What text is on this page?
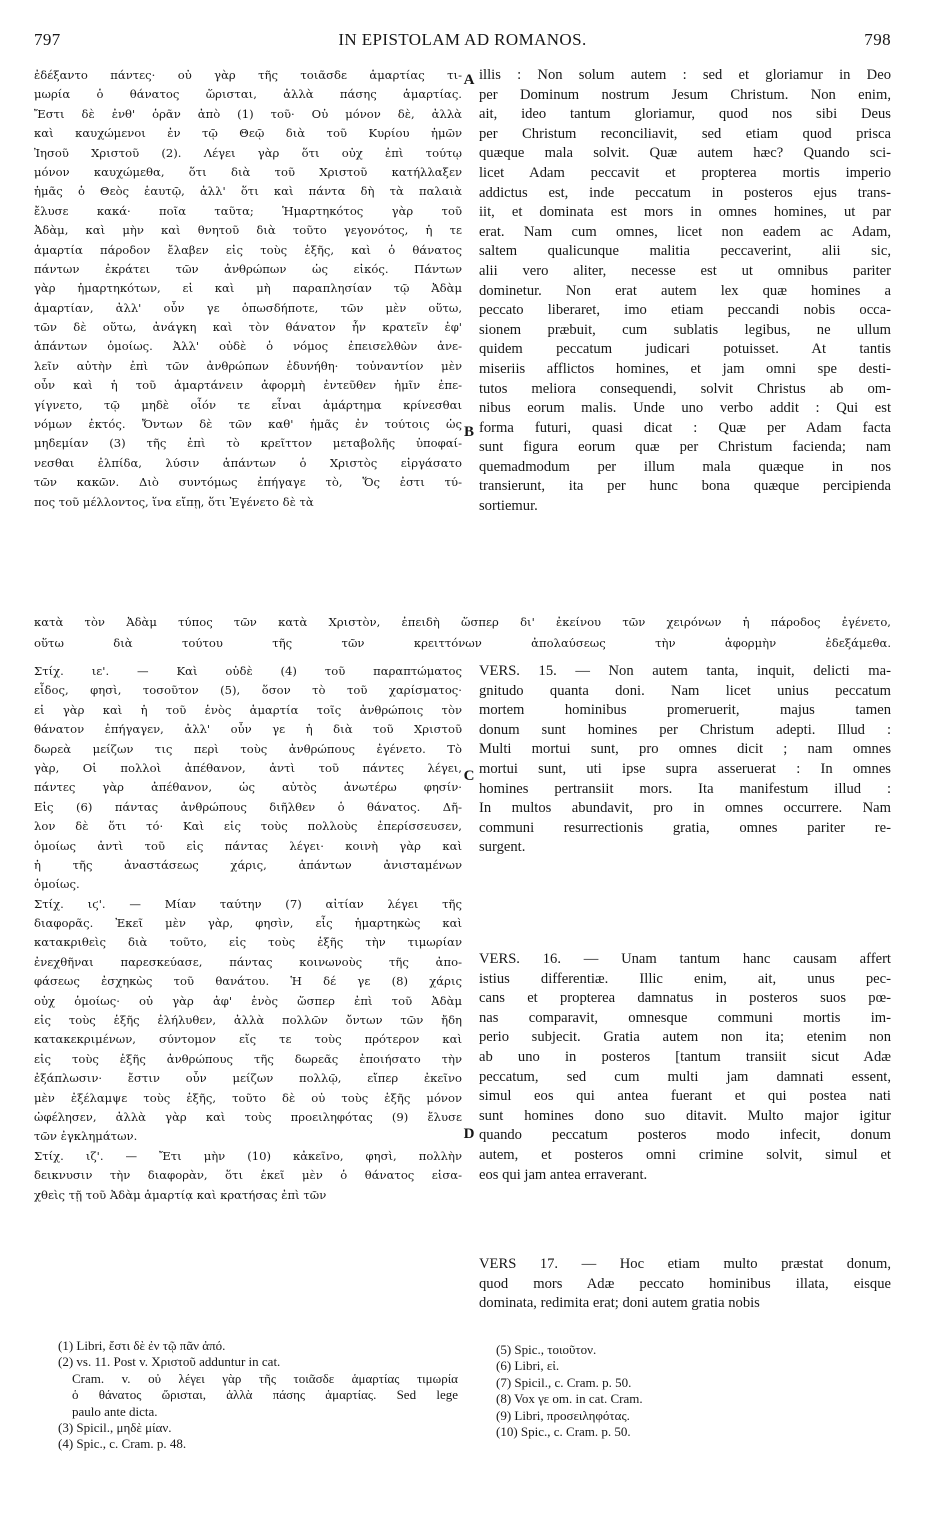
797	IN EPISTOLAM AD ROMANOS.	798
ἐδέξαντο πάντες· οὐ γὰρ τῆς τοιᾶσδε ἁμαρτίας τι-
μωρία ὁ θάνατος ὥρισται, ἀλλὰ πάσης ἁμαρτίας.
Ἔστι δὲ ἐνθ' ὁρᾶν ἀπὸ (1) τοῦ· Οὐ μόνον δὲ, ἀλλὰ
καὶ καυχώμενοι ἐν τῷ Θεῷ διὰ τοῦ Κυρίου ἡμῶν
Ἰησοῦ Χριστοῦ (2). Λέγει γὰρ ὅτι οὐχ ἐπὶ τούτῳ
μόνον καυχώμεθα, ὅτι διὰ τοῦ Χριστοῦ κατήλλαξεν
ἡμᾶς ὁ Θεὸς ἑαυτῷ, ἀλλ' ὅτι καὶ πάντα δὴ τὰ παλαιὰ
ἔλυσε κακά· ποῖα ταῦτα; Ἡμαρτηκότος γὰρ τοῦ
Ἀδὰμ, καὶ μὴν καὶ θνητοῦ διὰ τοῦτο γεγονότος, ἡ τε
ἁμαρτία πάροδον ἔλαβεν εἰς τοὺς ἑξῆς, καὶ ὁ θάνατος
πάντων ἐκράτει τῶν ἀνθρώπων ὡς εἰκός. Πάντων
γὰρ ἡμαρτηκότων, εἰ καὶ μὴ παραπλησίαν τῷ Ἀδὰμ
ἁμαρτίαν, ἀλλ' οὖν γε ὁπωσδήποτε, τῶν μὲν οὕτω,
τῶν δὲ οὕτω, ἀνάγκη καὶ τὸν θάνατον ἦν κρατεῖν ἐφ'
ἁπάντων ὁμοίως. Ἀλλ' οὐδὲ ὁ νόμος ἐπεισελθὼν ἀνε-
λεῖν αὐτὴν ἐπὶ τῶν ἀνθρώπων ἐδυνήθη· τοὐναντίον μὲν
οὖν καὶ ἡ τοῦ ἁμαρτάνειν ἀφορμὴ ἐντεῦθεν ἡμῖν ἐπε-
γίγνετο, τῷ μηδὲ οἷόν τε εἶναι ἁμάρτημα κρίνεσθαι
νόμων ἐκτός. Ὄντων δὲ τῶν καθ' ἡμᾶς ἐν τούτοις ὡς
μηδεμίαν (3) τῆς ἐπὶ τὸ κρεῖττον μεταβολῆς ὑποφαί-
νεσθαι ἐλπίδα, λύσιν ἁπάντων ὁ Χριστὸς εἰργάσατο
τῶν κακῶν. Διὸ συντόμως ἐπήγαγε τὸ, Ὅς ἐστι τύ-
πος τοῦ μέλλοντος, ἵνα εἴπῃ, ὅτι Ἐγένετο δὲ τὰ
illis : Non solum autem : sed et gloriamur in Deo
per Dominum nostrum Jesum Christum. Non enim,
ait, ideo tantum gloriamur, quod nos sibi Deus
per Christum reconciliavit, sed etiam quod prisca
quæque mala solvit. Quæ autem hæc? Quando sci-
licet Adam peccavit et propterea mortis imperio
addictus est, inde peccatum in posteros ejus trans-
iit, et dominata est mors in omnes homines, ut par
erat. Nam cum omnes, licet non eadem ac Adam,
saltem qualicunque malitia peccaverint, alii sic,
alii vero aliter, necesse est ut omnibus pariter
dominetur. Non erat autem lex quæ homines a
peccato liberaret, imo etiam peccandi nobis occa-
sionem præbuit, cum sublatis legibus, ne ullum
quidem peccatum judicari potuisset. At tantis
miseriis afflictos homines, et jam omni spe desti-
tutos meliora consequendi, solvit Christus ab om-
nibus eorum malis. Unde uno verbo addit : Qui est
forma futuri, quasi dicat : Quæ per Adam facta
sunt figura eorum quæ per Christum facienda; nam
quemadmodum per illum mala quæque in nos
transierunt, ita per hunc bona quæque percipienda
sortiemur.
κατὰ τὸν Ἀδὰμ τύπος τῶν κατὰ Χριστὸν, ἐπειδὴ ὥσπερ δι' ἐκείνου τῶν χειρόνων ἡ πάροδος ἐγένετο,
οὕτω διὰ τούτου τῆς τῶν κρειττόνων ἀπολαύσεως τὴν ἀφορμὴν ἐδεξάμεθα.
Στίχ. ιε'. — Καὶ οὐδὲ (4) τοῦ παραπτώματος
εἶδος, φησὶ, τοσοῦτον (5), ὅσον τὸ τοῦ χαρίσματος·
εἰ γὰρ καὶ ἡ τοῦ ἑνὸς ἁμαρτία τοῖς ἀνθρώποις τὸν
θάνατον ἐπήγαγεν, ἀλλ' οὖν γε ἡ διὰ τοῦ Χριστοῦ
δωρεὰ μείζων τις περὶ τοὺς ἀνθρώπους ἐγένετο. Τὸ
γὰρ, Οἱ πολλοὶ ἀπέθανον, ἀντὶ τοῦ πάντες λέγει,
πάντες γὰρ ἀπέθανον, ὡς αὐτὸς ἀνωτέρω φησίν·
Εἰς (6) πάντας ἀνθρώπους διῆλθεν ὁ θάνατος. Δῆ-
λον δὲ ὅτι τό· Καὶ εἰς τοὺς πολλοὺς ἐπερίσσευσεν,
ὁμοίως ἀντὶ τοῦ εἰς πάντας λέγει· κοινὴ γὰρ καὶ
ἡ τῆς ἀναστάσεως χάρις, ἁπάντων ἀνισταμένων
ὁμοίως.
Στίχ. ιϛ'. — Μίαν ταύτην (7) αἰτίαν λέγει τῆς
διαφορᾶς. Ἐκεῖ μὲν γὰρ, φησὶν, εἷς ἡμαρτηκὼς καὶ
κατακριθεὶς διὰ τοῦτο, εἰς τοὺς ἑξῆς τὴν τιμωρίαν
ἐνεχθῆναι παρεσκεύασε, πάντας κοινωνοὺς τῆς ἀπο-
φάσεως ἐσχηκὼς τοῦ θανάτου. Ἡ δέ γε (8) χάρις
οὐχ ὁμοίως· οὐ γὰρ ἀφ' ἑνὸς ὥσπερ ἐπὶ τοῦ Ἀδὰμ
εἰς τοὺς ἑξῆς ἐλήλυθεν, ἀλλὰ πολλῶν ὄντων τῶν ἤδη
κατακεκριμένων, σύντομον εἴς τε τοὺς πρότερον καὶ
εἰς τοὺς ἑξῆς ἀνθρώπους τῆς δωρεᾶς ἐποιήσατο τὴν
ἐξάπλωσιν· ἔστιν οὖν μείζων πολλῷ, εἴπερ ἐκεῖνο
μὲν ἐξέλαμψε τοὺς ἑξῆς, τοῦτο δὲ οὐ τοὺς ἑξῆς μόνον
ὠφέλησεν, ἀλλὰ γὰρ καὶ τοὺς προειληφότας (9) ἔλυσε
τῶν ἐγκλημάτων.
Στίχ. ιζ'. — Ἔτι μὴν (10) κἀκεῖνο, φησὶ, πολλὴν
δεικνυσιν τὴν διαφορὰν, ὅτι ἐκεῖ μὲν ὁ θάνατος εἰσα-
χθεὶς τῇ τοῦ Ἀδὰμ ἁμαρτίᾳ καὶ κρατήσας ἐπὶ τῶν
VERS. 15. — Non autem tanta, inquit, delicti ma-
gnitudo quanta doni. Nam licet unius peccatum
mortem hominibus promeruerit, majus tamen
donum sunt homines per Christum adepti. Illud :
Multi mortui sunt, pro omnes dicit ; nam omnes
mortui sunt, uti ipse supra asseruerat : In omnes
homines pertransiit mors. Ita manifestum illud :
In multos abundavit, pro in omnes occurrere. Nam
communi resurrectionis gratia, omnes pariter re-
surgent.
VERS. 16. — Unam tantum hanc causam affert
istius differentiæ. Illic enim, ait, unus pec-
cans et propterea damnatus in posteros suos pœ-
nas comparavit, omnesque communi mortis im-
perio subjecit. Gratia autem non ita; etenim non
ab uno in posteros [tantum transiit sicut Adæ
peccatum, sed cum multi jam damnati essent,
simul eos qui antea fuerant et qui postea nati
sunt homines dono suo ditavit. Multo major igitur
quando peccatum posteros modo infecit, donum
autem, et posteros omni crimine solvit, simul et
eos qui jam antea erraverant.
VERS 17. — Hoc etiam multo præstat donum,
quod mors Adæ peccato hominibus illata, eisque
dominata, redimita erat; doni autem gratia nobis
A
B
C
D
(1) Libri, ἔστι δὲ ἐν τῷ πᾶν ἀπό.
(2) vs. 11. Post v. Χριστοῦ adduntur in cat.
Cram. v. οὐ λέγει γὰρ τῆς τοιᾶσδε ἁμαρτίας τιμωρία
ὁ θάνατος ὥρισται, ἀλλὰ πάσης ἁμαρτίας. Sed lege
paulo ante dicta.
(3) Spicil., μηδὲ μίαν.
(4) Spic., c. Cram. p. 48.
(5) Spic., τοιοῦτον.
(6) Libri, εἰ.
(7) Spicil., c. Cram. p. 50.
(8) Vox γε om. in cat. Cram.
(9) Libri, προσειληφότας.
(10) Spic., c. Cram. p. 50.
